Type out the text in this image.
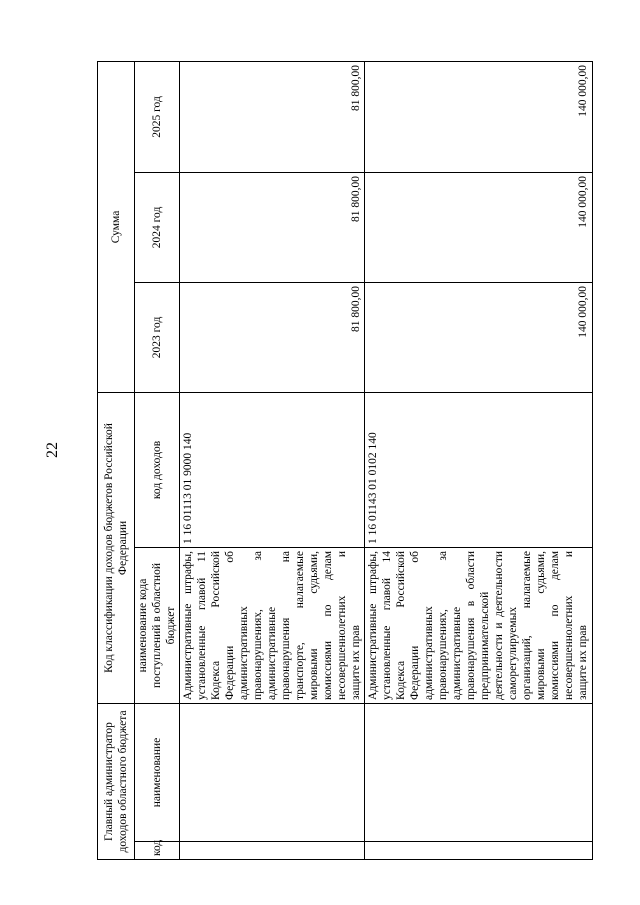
22
Главный администратор доходов областного бюджета		Код классификации доходов бюджетов Российской Федерации		Сумма		
				2023 год	2024 год	2025 год
код	наименование	наименование кода поступлений в областной бюджет	код доходов			
		Административные штрафы, установленные главой 11 Кодекса Российской Федерации об административных правонарушениях, за административные правонарушения на транспорте, налагаемые мировыми судьями, комиссиями по делам несовершеннолетних и защите их прав	1 16 01113 01 9000 140	81 800,00	81 800,00	81 800,00
		Административные штрафы, установленные главой 14 Кодекса Российской Федерации об административных правонарушениях, за административные правонарушения в области предпринимательской деятельности и деятельности саморегулируемых организаций, налагаемые мировыми судьями, комиссиями по делам несовершеннолетних и защите их прав	1 16 01143 01 0102 140	140 000,00	140 000,00	140 000,00
